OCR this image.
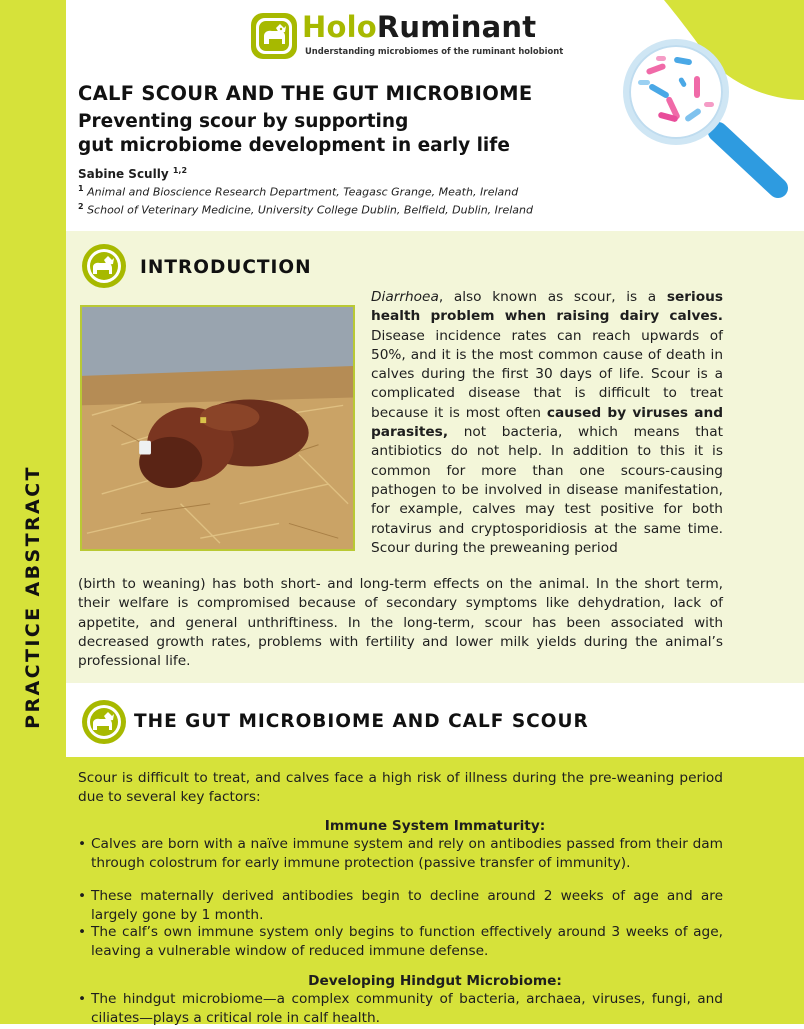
PRACTICE ABSTRACT
HoloRuminant
Understanding microbiomes of the ruminant holobiont
CALF SCOUR AND THE GUT MICROBIOME
Preventing scour by supporting
gut microbiome development in early life
Sabine Scully $^{1,2}$
$^1$ Animal and Bioscience Research Department, Teagasc Grange, Meath, Ireland
$^2$ School of Veterinary Medicine, University College Dublin, Belfield, Dublin, Ireland
INTRODUCTION

Diarrhoea, also known as scour, is a serious health problem when raising dairy calves. Disease incidence rates can reach upwards of 50%, and it is the most common cause of death in calves during the first 30 days of life. Scour is a complicated disease that is difficult to treat because it is most often caused by viruses and parasites, not bacteria, which means that antibiotics do not help. In addition to this it is common for more than one scours-causing pathogen to be involved in disease manifestation, for example, calves may test positive for both rotavirus and cryptosporidiosis at the same time. Scour during the preweaning period

(birth to weaning) has both short- and long-term effects on the animal. In the short term, their welfare is compromised because of secondary symptoms like dehydration, lack of appetite, and general unthriftiness. In the long-term, scour has been associated with decreased growth rates, problems with fertility and lower milk yields during the animal’s professional life.

THE GUT MICROBIOME AND CALF SCOUR

Scour is difficult to treat, and calves face a high risk of illness during the pre-weaning period due to several key factors:

Immune System Immaturity:

• Calves are born with a naïve immune system and rely on antibodies passed from their dam through colostrum for early immune protection (passive transfer of immunity).

• These maternally derived antibodies begin to decline around 2 weeks of age and are largely gone by 1 month.

• The calf’s own immune system only begins to function effectively around 3 weeks of age, leaving a vulnerable window of reduced immune defense.

Developing Hindgut Microbiome:

• The hindgut microbiome—a complex community of bacteria, archaea, viruses, fungi, and ciliates—plays a critical role in calf health.
